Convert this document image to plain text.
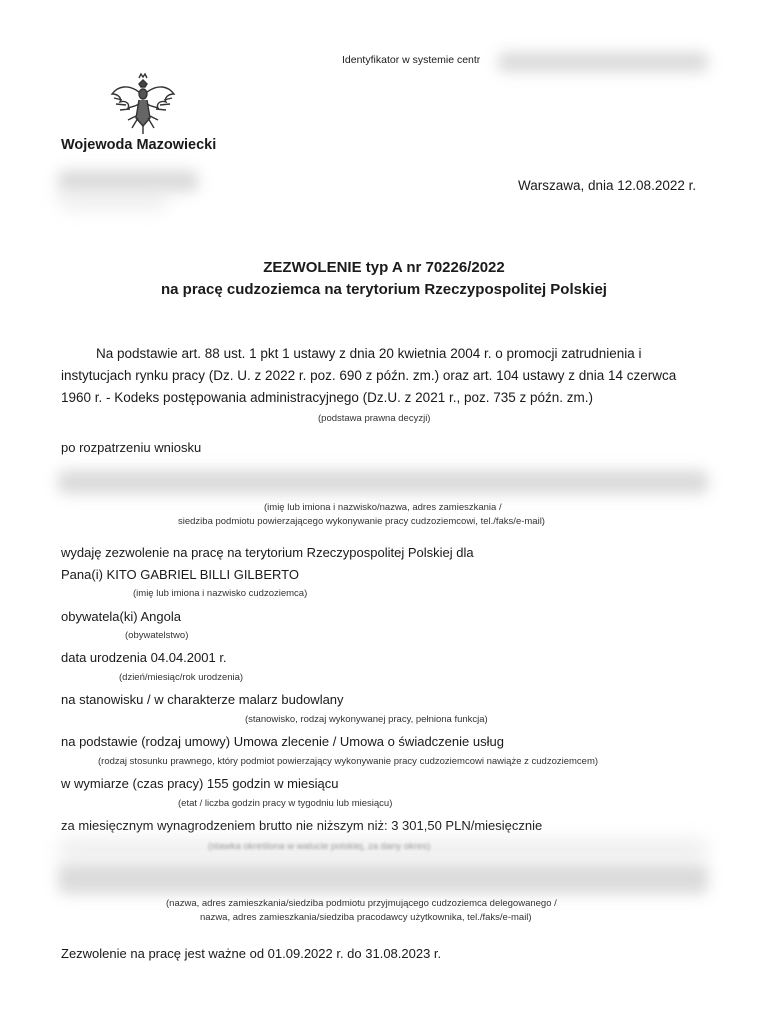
Identyfikator w systemie centr
Wojewoda Mazowiecki
Warszawa, dnia 12.08.2022 r.
ZEZWOLENIE typ A nr 70226/2022
na pracę cudzoziemca na terytorium Rzeczypospolitej Polskiej
Na podstawie art. 88 ust. 1 pkt 1 ustawy z dnia 20 kwietnia 2004 r. o promocji zatrudnienia i
instytucjach rynku pracy (Dz. U. z 2022 r. poz. 690 z późn. zm.) oraz art. 104 ustawy z dnia 14 czerwca
1960 r. - Kodeks postępowania administracyjnego (Dz.U. z 2021 r., poz. 735 z późn. zm.)
(podstawa prawna decyzji)
po rozpatrzeniu wniosku
(imię lub imiona i nazwisko/nazwa, adres zamieszkania /
siedziba podmiotu powierzającego wykonywanie pracy cudzoziemcowi, tel./faks/e-mail)
wydaję zezwolenie na pracę na terytorium Rzeczypospolitej Polskiej dla
Pana(i) KITO GABRIEL BILLI GILBERTO
(imię lub imiona i nazwisko cudzoziemca)
obywatela(ki) Angola
(obywatelstwo)
data urodzenia 04.04.2001 r.
(dzień/miesiąc/rok urodzenia)
na stanowisku / w charakterze malarz budowlany
(stanowisko, rodzaj wykonywanej pracy, pełniona funkcja)
na podstawie (rodzaj umowy) Umowa zlecenie / Umowa o świadczenie usług
(rodzaj stosunku prawnego, który podmiot powierzający wykonywanie pracy cudzoziemcowi nawiąże z cudzoziemcem)
w wymiarze (czas pracy) 155 godzin w miesiącu
(etat / liczba godzin pracy w tygodniu lub miesiącu)
za miesięcznym wynagrodzeniem brutto nie niższym niż: 3 301,50 PLN/miesięcznie
(stawka określona w walucie polskiej, za dany okres)
(nazwa, adres zamieszkania/siedziba podmiotu przyjmującego cudzoziemca delegowanego /
nazwa, adres zamieszkania/siedziba pracodawcy użytkownika, tel./faks/e-mail)
Zezwolenie na pracę jest ważne od 01.09.2022 r. do 31.08.2023 r.
